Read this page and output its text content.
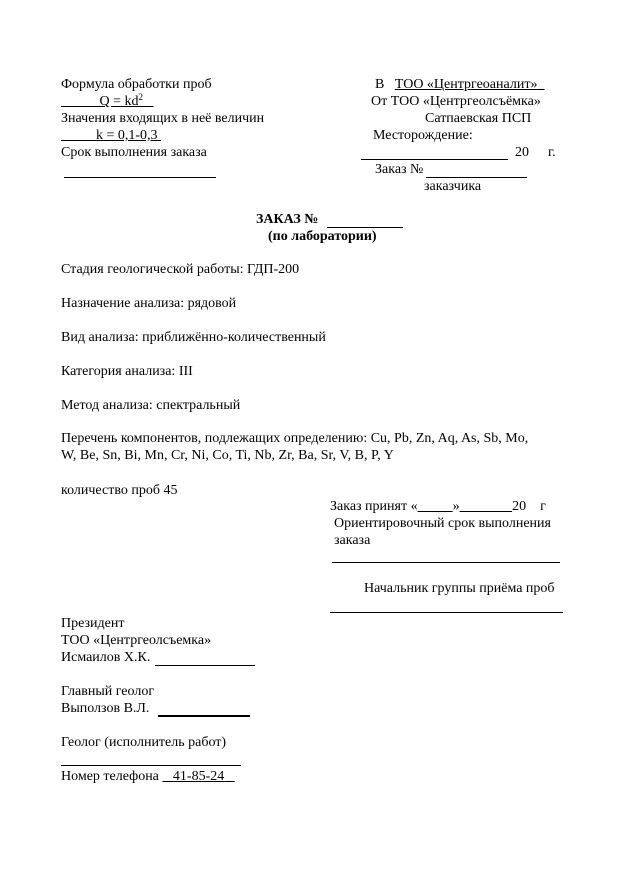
Формула обработки проб
$Q = kd^2$
Значения входящих в неё величин
k = 0,1-0,3
Срок выполнения заказа
В ТОО «Центргеоаналит»_
От ТОО «Центргеолсъёмка»
Сатпаевская ПСП
Месторождение:
20 г.
Заказ №
заказчика
ЗАКАЗ №
(по лаборатории)
Стадия геологической работы: ГДП-200
Назначение анализа: рядовой
Вид анализа: приближённо-количественный
Категория анализа: III
Метод анализа: спектральный
Перечень компонентов, подлежащих определению: Cu, Pb, Zn, Aq, As, Sb, Mo,
W, Be, Sn, Bi, Mn, Cr, Ni, Co, Ti, Nb, Zr, Ba, Sr, V, B, P, Y
количество проб 45
Заказ принят «	»	20 г
Ориентировочный срок выполнения
заказа
Начальник группы приёма проб
Президент
ТОО «Центргеолсъемка»
Исмаилов Х.К.
Главный геолог
Выползов В.Л.
Геолог (исполнитель работ)
Номер телефона 41-85-24
